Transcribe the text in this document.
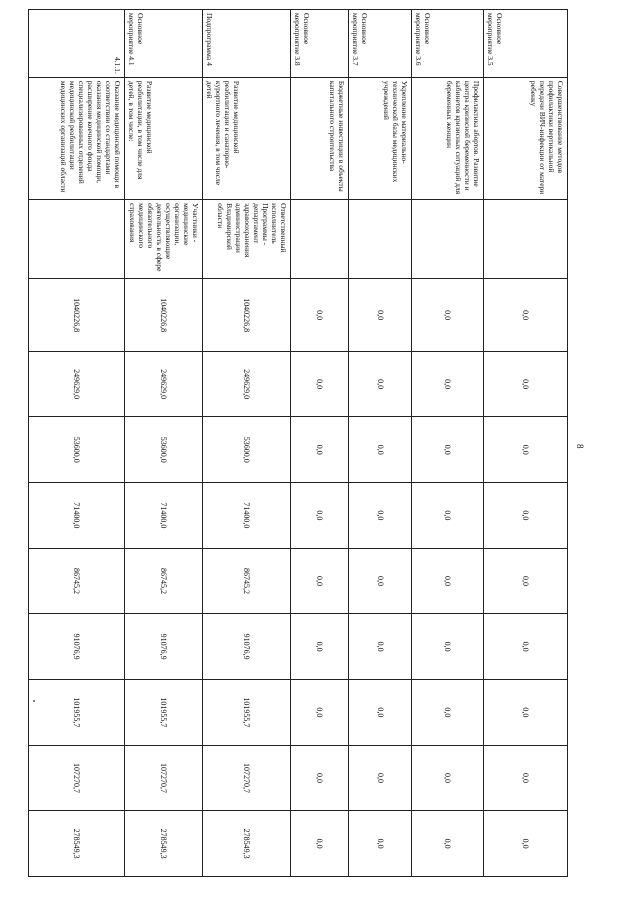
8
Основное мероприятие 3.5	Совершенствование методов профилактики вертикальной передачи ВИЧ-инфекции от матери ребенку		0,0	0,0	0,0	0,0	0,0	0,0	0,0	0,0	0,0
Основное мероприятие 3.6	Профилактика абортов. Развитие центра кризисной беременности и кабинетов кризисных ситуаций для беременных женщин		0,0	0,0	0,0	0,0	0,0	0,0	0,0	0,0	0,0
Основное мероприятие 3.7	Укрепление материально-технической базы медицинских учреждений		0,0	0,0	0,0	0,0	0,0	0,0	0,0	0,0	0,0
Основное мероприятие 3.8	Бюджетные инвестиции в объекты капитального строительства		0,0	0,0	0,0	0,0	0,0	0,0	0,0	0,0	0,0
Подпрограмма 4	Развитие медицинской реабилитации и санаторно-курортного лечения, в том числе детей	Ответственный исполнитель Программы - департамент здравоохранения администрации Владимирской области	1040226,8	249629,0	53600,0	71400,0	86745,2	91076,9	101955,7	107270,7	278549,3
Основное мероприятие 4.1	Развитие медицинской реабилитации, в том числе для детей, в том числе:	Участники - медицинские организации, осуществляющие деятельность в сфере обязательного медицинского страхования	1040226,8	249629,0	53600,0	71400,0	86745,2	91076,9	101955,7	107270,7	278549,3
4.1.1.	Оказание медицинской помощи в соответствии со стандартами оказания медицинской помощи, расширение коечного фонда специализированных отделений медицинской реабилитации медицинских организаций области		1040226,8	249629,0	53600,0	71400,0	86745,2	91076,9	101955,7	107270,7	278549,3
